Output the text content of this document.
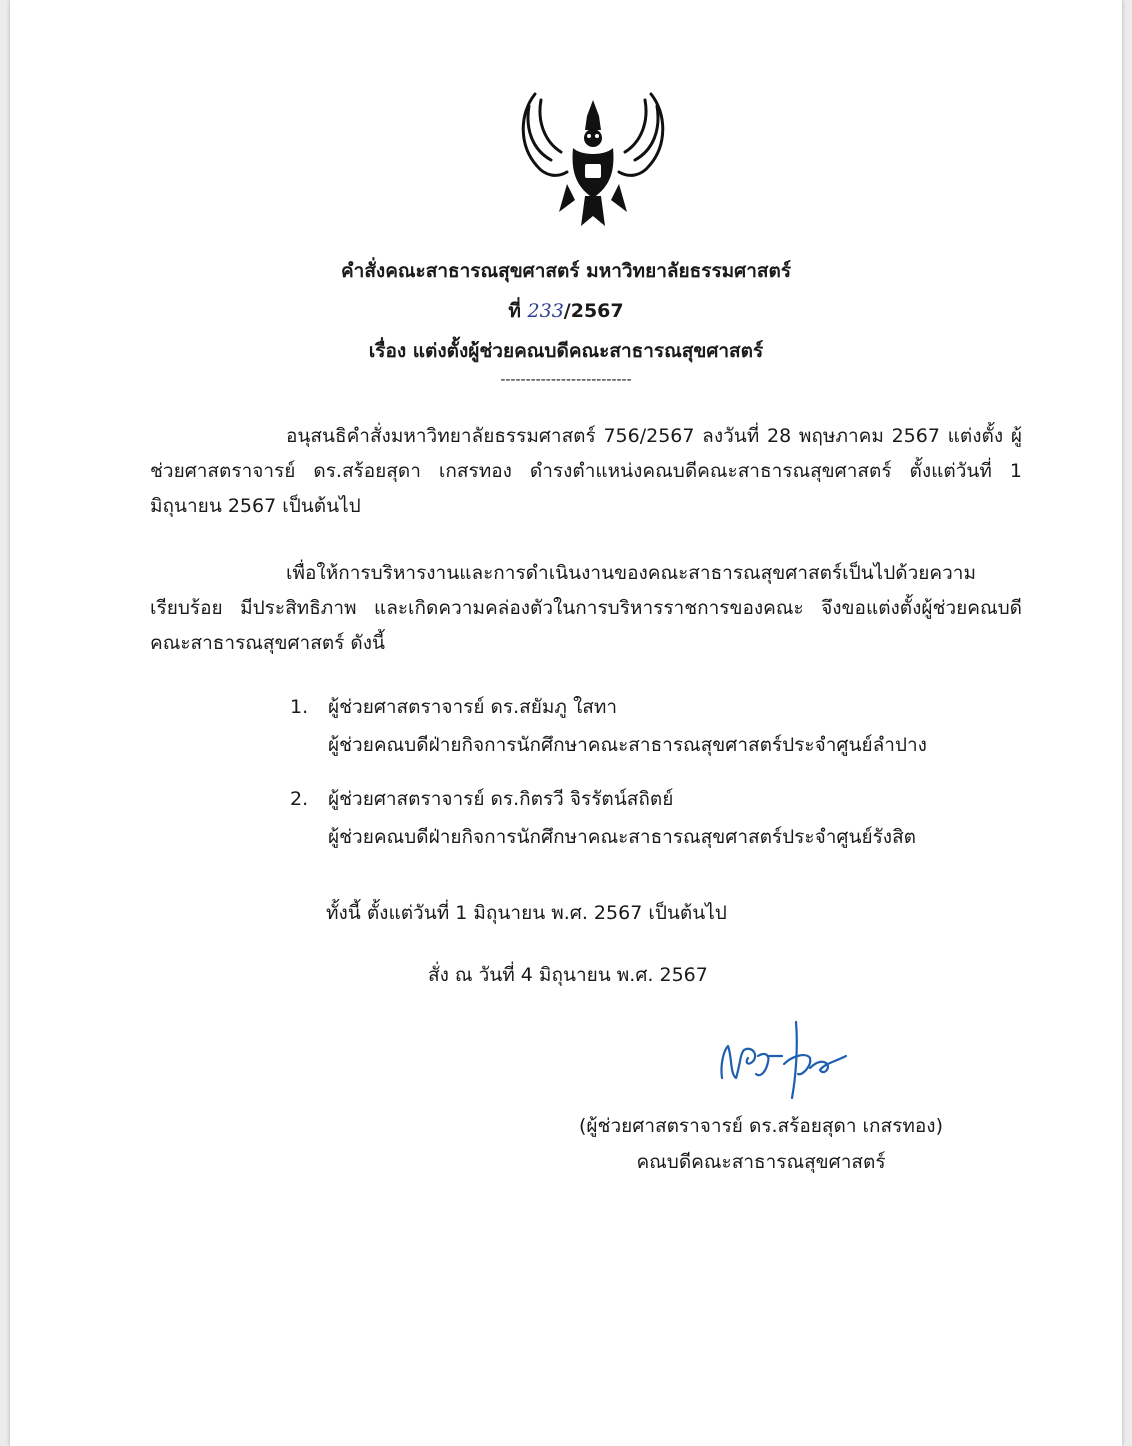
คำสั่งคณะสาธารณสุขศาสตร์ มหาวิทยาลัยธรรมศาสตร์
ที่ 233/2567
เรื่อง แต่งตั้งผู้ช่วยคณบดีคณะสาธารณสุขศาสตร์
--------------------------
อนุสนธิคำสั่งมหาวิทยาลัยธรรมศาสตร์ 756/2567 ลงวันที่ 28 พฤษภาคม 2567 แต่งตั้ง ผู้ช่วยศาสตราจารย์ ดร.สร้อยสุดา เกสรทอง ดำรงตำแหน่งคณบดีคณะสาธารณสุขศาสตร์ ตั้งแต่วันที่ 1 มิถุนายน 2567 เป็นต้นไป
เพื่อให้การบริหารงานและการดำเนินงานของคณะสาธารณสุขศาสตร์เป็นไปด้วยความ เรียบร้อย มีประสิทธิภาพ และเกิดความคล่องตัวในการบริหารราชการของคณะ จึงขอแต่งตั้งผู้ช่วยคณบดี คณะสาธารณสุขศาสตร์ ดังนี้
1.	ผู้ช่วยศาสตราจารย์ ดร.สยัมภู ใสทา
ผู้ช่วยคณบดีฝ่ายกิจการนักศึกษาคณะสาธารณสุขศาสตร์ประจำศูนย์ลำปาง
2.	ผู้ช่วยศาสตราจารย์ ดร.กิตรวี จิรรัตน์สถิตย์
ผู้ช่วยคณบดีฝ่ายกิจการนักศึกษาคณะสาธารณสุขศาสตร์ประจำศูนย์รังสิต
ทั้งนี้ ตั้งแต่วันที่ 1 มิถุนายน พ.ศ. 2567 เป็นต้นไป
สั่ง ณ วันที่ 4 มิถุนายน พ.ศ. 2567
(ผู้ช่วยศาสตราจารย์ ดร.สร้อยสุดา เกสรทอง)
คณบดีคณะสาธารณสุขศาสตร์
